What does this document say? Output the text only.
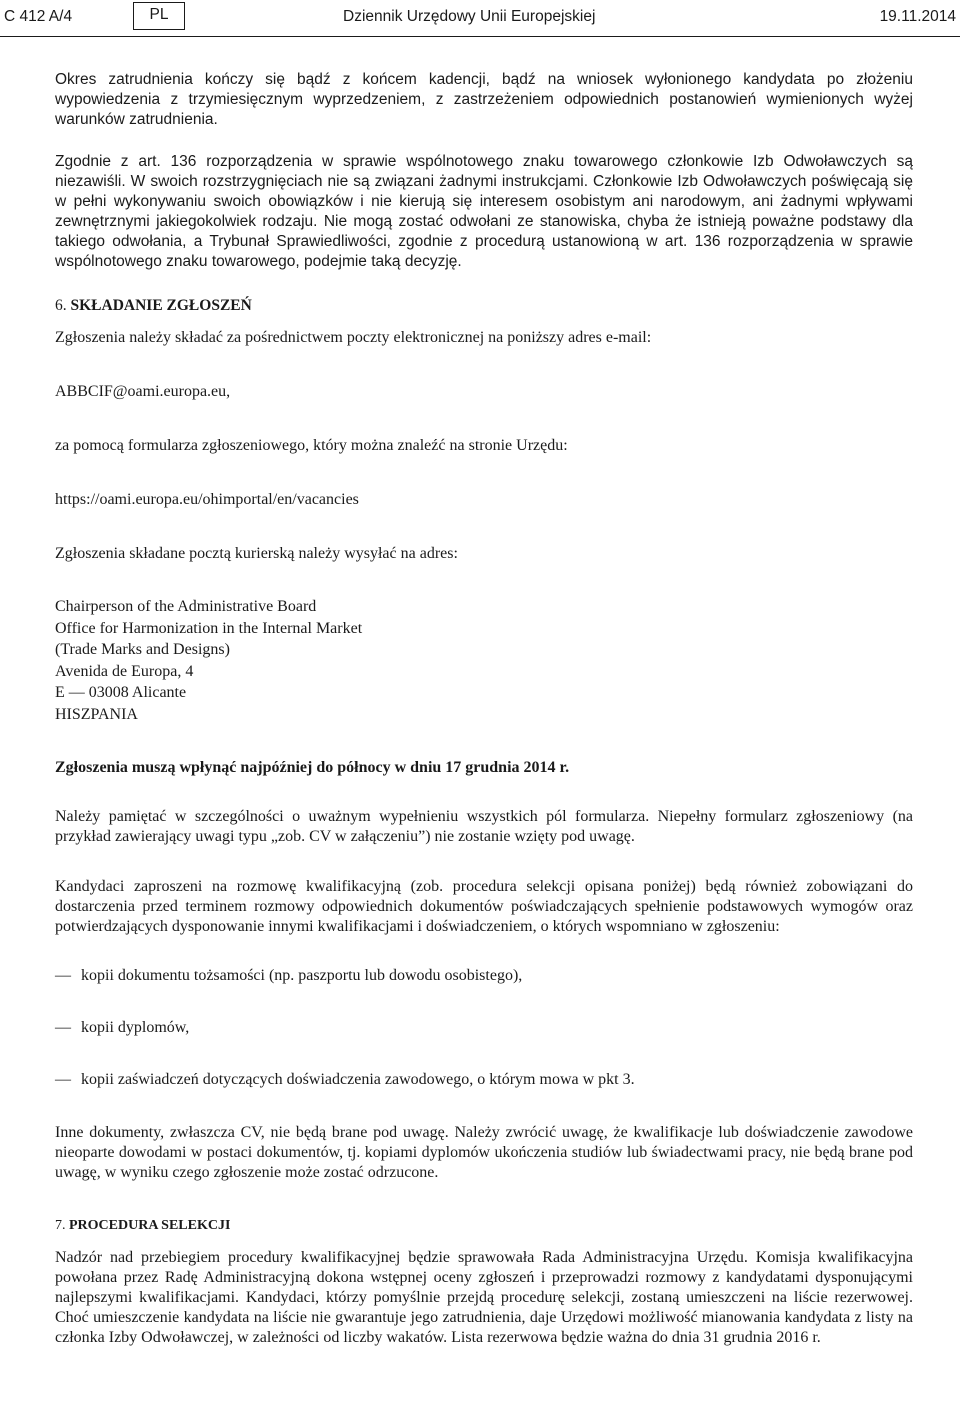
C 412 A/4	PL	Dziennik Urzędowy Unii Europejskiej	19.11.2014

Okres zatrudnienia kończy się bądź z końcem kadencji, bądź na wniosek wyłonionego kandydata po złożeniu wypowiedzenia z trzymiesięcznym wyprzedzeniem, z zastrzeżeniem odpowiednich postanowień wymienionych wyżej warunków zatrudnienia.

Zgodnie z art. 136 rozporządzenia w sprawie wspólnotowego znaku towarowego członkowie Izb Odwoławczych są niezawiśli. W swoich rozstrzygnięciach nie są związani żadnymi instrukcjami. Członkowie Izb Odwoławczych poświęcają się w pełni wykonywaniu swoich obowiązków i nie kierują się interesem osobistym ani narodowym, ani żadnymi wpływami zewnętrznymi jakiegokolwiek rodzaju. Nie mogą zostać odwołani ze stanowiska, chyba że istnieją poważne podstawy dla takiego odwołania, a Trybunał Sprawiedliwości, zgodnie z procedurą ustanowioną w art. 136 rozporządzenia w sprawie wspólnotowego znaku towarowego, podejmie taką decyzję.

6. SKŁADANIE ZGŁOSZEŃ

Zgłoszenia należy składać za pośrednictwem poczty elektronicznej na poniższy adres e-mail:

ABBCIF@oami.europa.eu,

za pomocą formularza zgłoszeniowego, który można znaleźć na stronie Urzędu:

https://oami.europa.eu/ohimportal/en/vacancies

Zgłoszenia składane pocztą kurierską należy wysyłać na adres:

Chairperson of the Administrative Board

Office for Harmonization in the Internal Market

(Trade Marks and Designs)

Avenida de Europa, 4

E — 03008 Alicante

HISZPANIA

Zgłoszenia muszą wpłynąć najpóźniej do północy w dniu 17 grudnia 2014 r.

Należy pamiętać w szczególności o uważnym wypełnieniu wszystkich pól formularza. Niepełny formularz zgłoszeniowy (na przykład zawierający uwagi typu „zob. CV w załączeniu”) nie zostanie wzięty pod uwagę.

Kandydaci zaproszeni na rozmowę kwalifikacyjną (zob. procedura selekcji opisana poniżej) będą również zobowiązani do dostarczenia przed terminem rozmowy odpowiednich dokumentów poświadczających spełnienie podstawowych wymogów oraz potwierdzających dysponowanie innymi kwalifikacjami i doświadczeniem, o których wspomniano w zgłoszeniu:

— kopii dokumentu tożsamości (np. paszportu lub dowodu osobistego),
— kopii dyplomów,
— kopii zaświadczeń dotyczących doświadczenia zawodowego, o którym mowa w pkt 3.

Inne dokumenty, zwłaszcza CV, nie będą brane pod uwagę. Należy zwrócić uwagę, że kwalifikacje lub doświadczenie zawodowe nieoparte dowodami w postaci dokumentów, tj. kopiami dyplomów ukończenia studiów lub świadectwami pracy, nie będą brane pod uwagę, w wyniku czego zgłoszenie może zostać odrzucone.

7. PROCEDURA SELEKCJI

Nadzór nad przebiegiem procedury kwalifikacyjnej będzie sprawowała Rada Administracyjna Urzędu. Komisja kwalifikacyjna powołana przez Radę Administracyjną dokona wstępnej oceny zgłoszeń i przeprowadzi rozmowy z kandydatami dysponującymi najlepszymi kwalifikacjami. Kandydaci, którzy pomyślnie przejdą procedurę selekcji, zostaną umieszczeni na liście rezerwowej. Choć umieszczenie kandydata na liście nie gwarantuje jego zatrudnienia, daje Urzędowi możliwość mianowania kandydata z listy na członka Izby Odwoławczej, w zależności od liczby wakatów. Lista rezerwowa będzie ważna do dnia 31 grudnia 2016 r.
